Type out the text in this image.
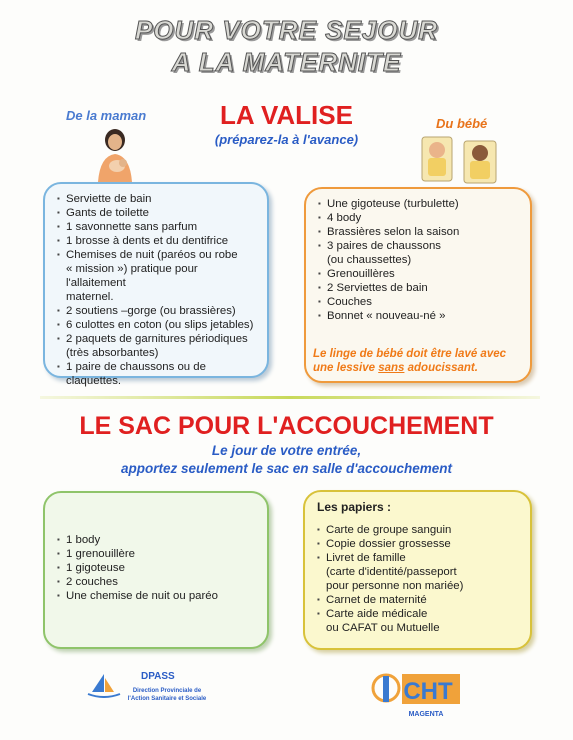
POUR VOTRE SEJOUR
A LA MATERNITE
De la maman	LA VALISE
(préparez-la à l'avance)
Du bébé
▪ Serviette de bain
▪ Gants de toilette
▪ 1 savonnette sans parfum
▪ 1 brosse à dents et du dentifrice
▪ Chemises de nuit (paréos ou robe
« mission ») pratique pour l'allaitement
maternel.
▪ 2 soutiens –gorge (ou brassières)
▪ 6 culottes en coton (ou slips jetables)
▪ 2 paquets de garnitures périodiques
(très absorbantes)
▪ 1 paire de chaussons ou de claquettes.
▪ Une gigoteuse (turbulette)
▪ 4 body
▪ Brassières selon la saison
▪ 3 paires de chaussons
(ou chaussettes)
▪ Grenouillères
▪ 2 Serviettes de bain
▪ Couches
▪ Bonnet « nouveau-né »
Le linge de bébé doit être lavé avec une lessive sans adoucissant.
LE SAC POUR L'ACCOUCHEMENT
Le jour de votre entrée,
apportez seulement le sac en salle d'accouchement
▪ 1 body
▪ 1 grenouillère
▪ 1 gigoteuse
▪ 2 couches
▪ Une chemise de nuit ou paréo
Les papiers :
▪ Carte de groupe sanguin
▪ Copie dossier grossesse
▪ Livret de famille
(carte d'identité/passeport
pour personne non mariée)
▪ Carnet de maternité
▪ Carte aide médicale
ou CAFAT ou Mutuelle
DPASS
Direction Provinciale de l'Action Sanitaire et Sociale	CHT
MAGENTA
